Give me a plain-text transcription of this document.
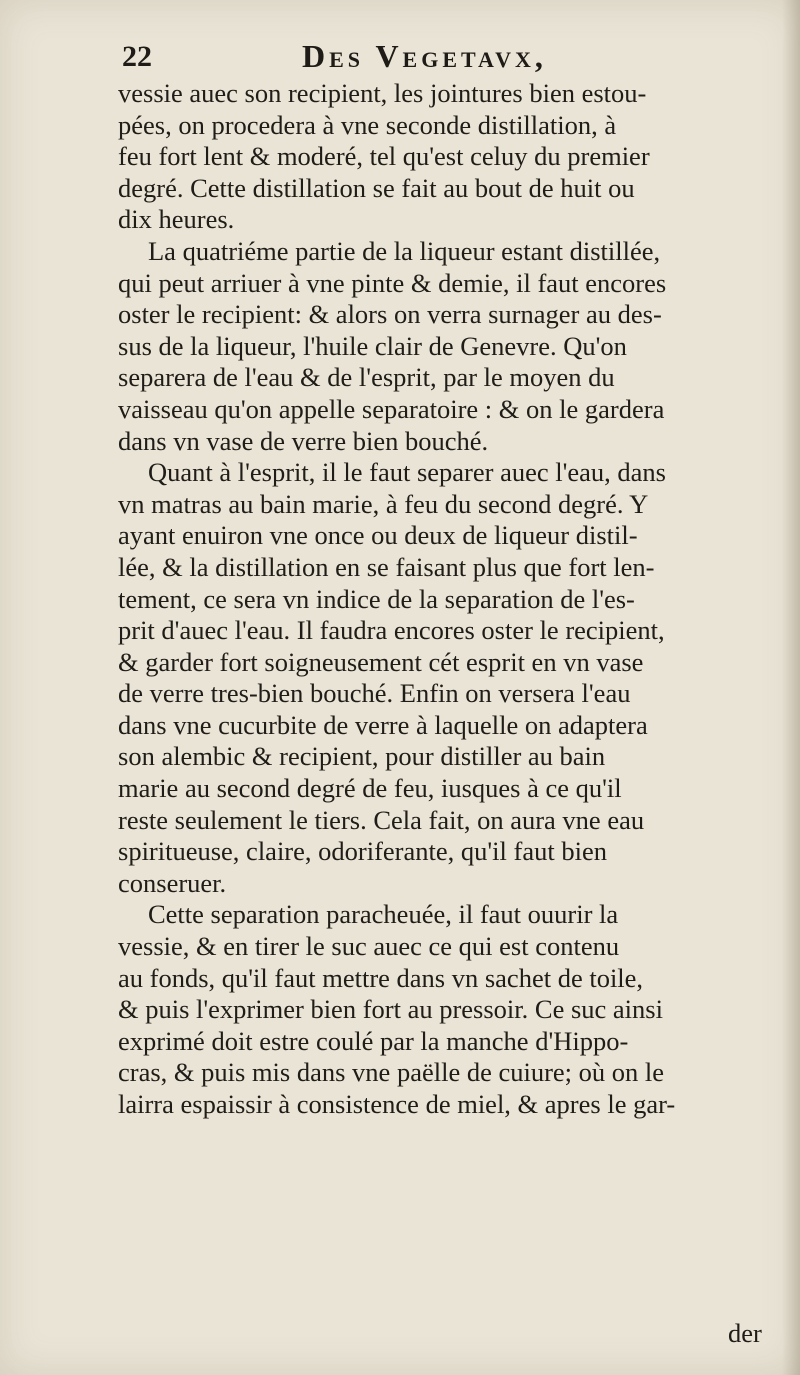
22	Des Vegetavx,

vessie auec son recipient, les jointures bien estou-
pées, on procedera à vne seconde distillation, à
feu fort lent & moderé, tel qu'est celuy du premier
degré. Cette distillation se fait au bout de huit ou
dix heures.

La quatriéme partie de la liqueur estant distillée,
qui peut arriuer à vne pinte & demie, il faut encores
oster le recipient: & alors on verra surnager au des-
sus de la liqueur, l'huile clair de Genevre. Qu'on
separera de l'eau & de l'esprit, par le moyen du
vaisseau qu'on appelle separatoire : & on le gardera
dans vn vase de verre bien bouché.

Quant à l'esprit, il le faut separer auec l'eau, dans
vn matras au bain marie, à feu du second degré. Y
ayant enuiron vne once ou deux de liqueur distil-
lée, & la distillation en se faisant plus que fort len-
tement, ce sera vn indice de la separation de l'es-
prit d'auec l'eau. Il faudra encores oster le recipient,
& garder fort soigneusement cét esprit en vn vase
de verre tres-bien bouché. Enfin on versera l'eau
dans vne cucurbite de verre à laquelle on adaptera
son alembic & recipient, pour distiller au bain
marie au second degré de feu, iusques à ce qu'il
reste seulement le tiers. Cela fait, on aura vne eau
spiritueuse, claire, odoriferante, qu'il faut bien
conseruer.

Cette separation paracheuée, il faut ouurir la
vessie, & en tirer le suc auec ce qui est contenu
au fonds, qu'il faut mettre dans vn sachet de toile,
& puis l'exprimer bien fort au pressoir. Ce suc ainsi
exprimé doit estre coulé par la manche d'Hippo-
cras, & puis mis dans vne paëlle de cuiure; où on le
lairra espaissir à consistence de miel, & apres le gar-

der
